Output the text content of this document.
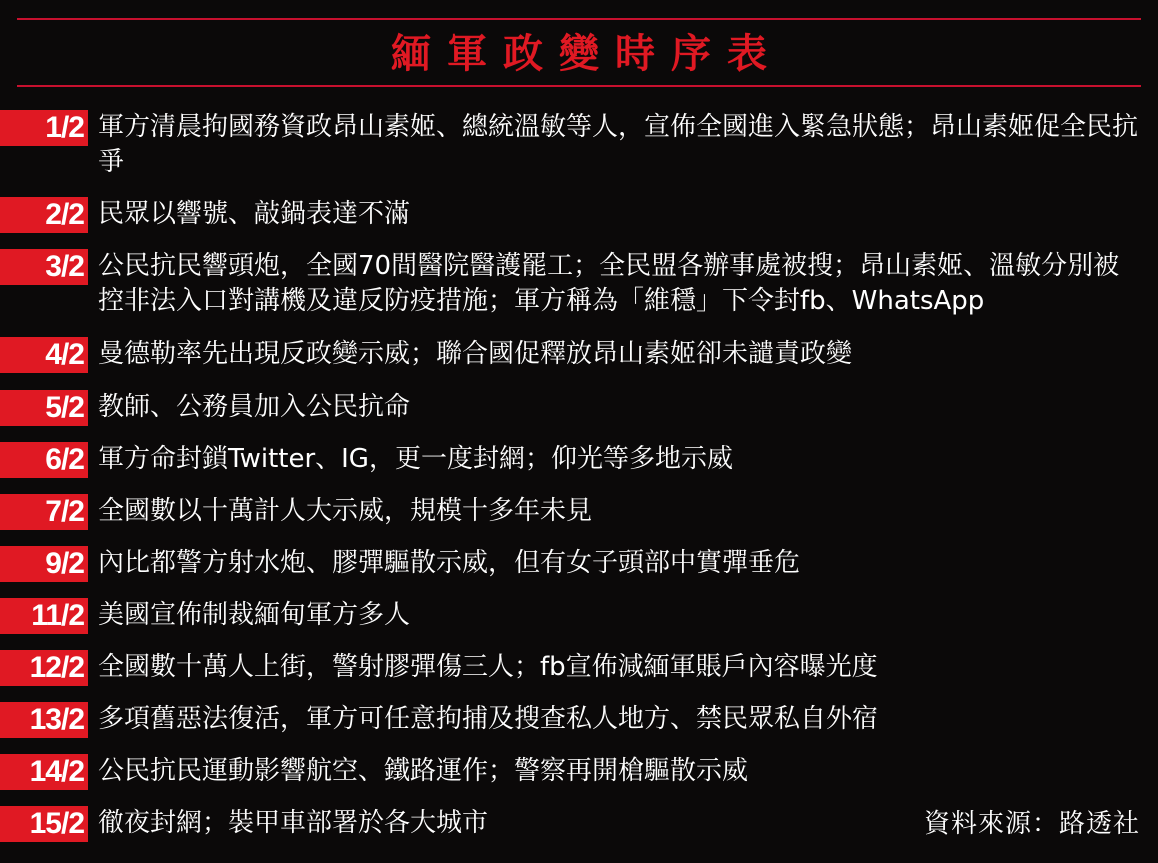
緬軍政變時序表
1/2 軍方清晨拘國務資政昂山素姬、總統溫敏等人，宣佈全國進入緊急狀態；昂山素姬促全民抗爭
2/2 民眾以響號、敲鍋表達不滿
3/2 公民抗民響頭炮，全國70間醫院醫護罷工；全民盟各辦事處被搜；昂山素姬、溫敏分別被控非法入口對講機及違反防疫措施；軍方稱為「維穩」下令封fb、WhatsApp
4/2 曼德勒率先出現反政變示威；聯合國促釋放昂山素姬卻未譴責政變
5/2 教師、公務員加入公民抗命
6/2 軍方命封鎖Twitter、IG，更一度封網；仰光等多地示威
7/2 全國數以十萬計人大示威，規模十多年未見
9/2 內比都警方射水炮、膠彈驅散示威，但有女子頭部中實彈垂危
11/2 美國宣佈制裁緬甸軍方多人
12/2 全國數十萬人上街，警射膠彈傷三人；fb宣佈減緬軍賬戶內容曝光度
13/2 多項舊惡法復活，軍方可任意拘捕及搜查私人地方、禁民眾私自外宿
14/2 公民抗民運動影響航空、鐵路運作；警察再開槍驅散示威
15/2 徹夜封網；裝甲車部署於各大城市	資料來源：路透社
